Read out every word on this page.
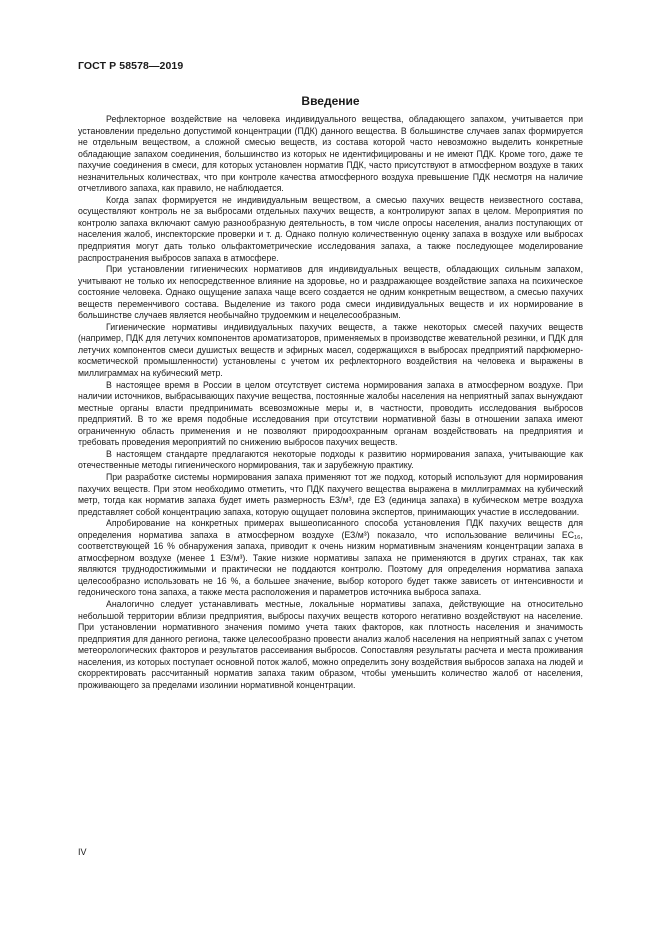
ГОСТ Р 58578—2019
Введение

Рефлекторное воздействие на человека индивидуального вещества, обладающего запахом, учитывается при установлении предельно допустимой концентрации (ПДК) данного вещества. В большинстве случаев запах формируется не отдельным веществом, а сложной смесью веществ, из состава которой часто невозможно выделить конкретные обладающие запахом соединения, большинство из которых не идентифицированы и не имеют ПДК. Кроме того, даже те пахучие соединения в смеси, для которых установлен норматив ПДК, часто присутствуют в атмосферном воздухе в таких незначительных количествах, что при контроле качества атмосферного воздуха превышение ПДК несмотря на наличие отчетливого запаха, как правило, не наблюдается.

Когда запах формируется не индивидуальным веществом, а смесью пахучих веществ неизвестного состава, осуществляют контроль не за выбросами отдельных пахучих веществ, а контролируют запах в целом. Мероприятия по контролю запаха включают самую разнообразную деятельность, в том числе опросы населения, анализ поступающих от населения жалоб, инспекторские проверки и т. д. Однако полную количественную оценку запаха в воздухе или выбросах предприятия могут дать только ольфактометрические исследования запаха, а также последующее моделирование распространения выбросов запаха в атмосфере.

При установлении гигиенических нормативов для индивидуальных веществ, обладающих сильным запахом, учитывают не только их непосредственное влияние на здоровье, но и раздражающее воздействие запаха на психическое состояние человека. Однако ощущение запаха чаще всего создается не одним конкретным веществом, а смесью пахучих веществ переменчивого состава. Выделение из такого рода смеси индивидуальных веществ и их нормирование в большинстве случаев является необычайно трудоемким и нецелесообразным.

Гигиенические нормативы индивидуальных пахучих веществ, а также некоторых смесей пахучих веществ (например, ПДК для летучих компонентов ароматизаторов, применяемых в производстве жевательной резинки, и ПДК для летучих компонентов смеси душистых веществ и эфирных масел, содержащихся в выбросах предприятий парфюмерно-косметической промышленности) установлены с учетом их рефлекторного воздействия на человека и выражены в миллиграммах на кубический метр.

В настоящее время в России в целом отсутствует система нормирования запаха в атмосферном воздухе. При наличии источников, выбрасывающих пахучие вещества, постоянные жалобы населения на неприятный запах вынуждают местные органы власти предпринимать всевозможные меры и, в частности, проводить исследования выбросов предприятий. В то же время подобные исследования при отсутствии нормативной базы в отношении запаха имеют ограниченную область применения и не позволяют природоохранным органам воздействовать на предприятия и требовать проведения мероприятий по снижению выбросов пахучих веществ.

В настоящем стандарте предлагаются некоторые подходы к развитию нормирования запаха, учитывающие как отечественные методы гигиенического нормирования, так и зарубежную практику.

При разработке системы нормирования запаха применяют тот же подход, который используют для нормирования пахучих веществ. При этом необходимо отметить, что ПДК пахучего вещества выражена в миллиграммах на кубический метр, тогда как норматив запаха будет иметь размерность ЕЗ/м³, где ЕЗ (единица запаха) в кубическом метре воздуха представляет собой концентрацию запаха, которую ощущает половина экспертов, принимающих участие в исследовании.

Апробирование на конкретных примерах вышеописанного способа установления ПДК пахучих веществ для определения норматива запаха в атмосферном воздухе (ЕЗ/м³) показало, что использование величины ЕС₁₆, соответствующей 16 % обнаружения запаха, приводит к очень низким нормативным значениям концентрации запаха в атмосферном воздухе (менее 1 ЕЗ/м³). Такие низкие нормативы запаха не применяются в других странах, так как являются труднодостижимыми и практически не поддаются контролю. Поэтому для определения норматива запаха целесообразно использовать не 16 %, а большее значение, выбор которого будет также зависеть от интенсивности и гедонического тона запаха, а также места расположения и параметров источника выброса запаха.

Аналогично следует устанавливать местные, локальные нормативы запаха, действующие на относительно небольшой территории вблизи предприятия, выбросы пахучих веществ которого негативно воздействуют на население. При установлении нормативного значения помимо учета таких факторов, как плотность населения и значимость предприятия для данного региона, также целесообразно провести анализ жалоб населения на неприятный запах с учетом метеорологических факторов и результатов рассеивания выбросов. Сопоставляя результаты расчета и места проживания населения, из которых поступает основной поток жалоб, можно определить зону воздействия выбросов запаха на людей и скорректировать рассчитанный норматив запаха таким образом, чтобы уменьшить количество жалоб от населения, проживающего за пределами изолинии нормативной концентрации.

IV
